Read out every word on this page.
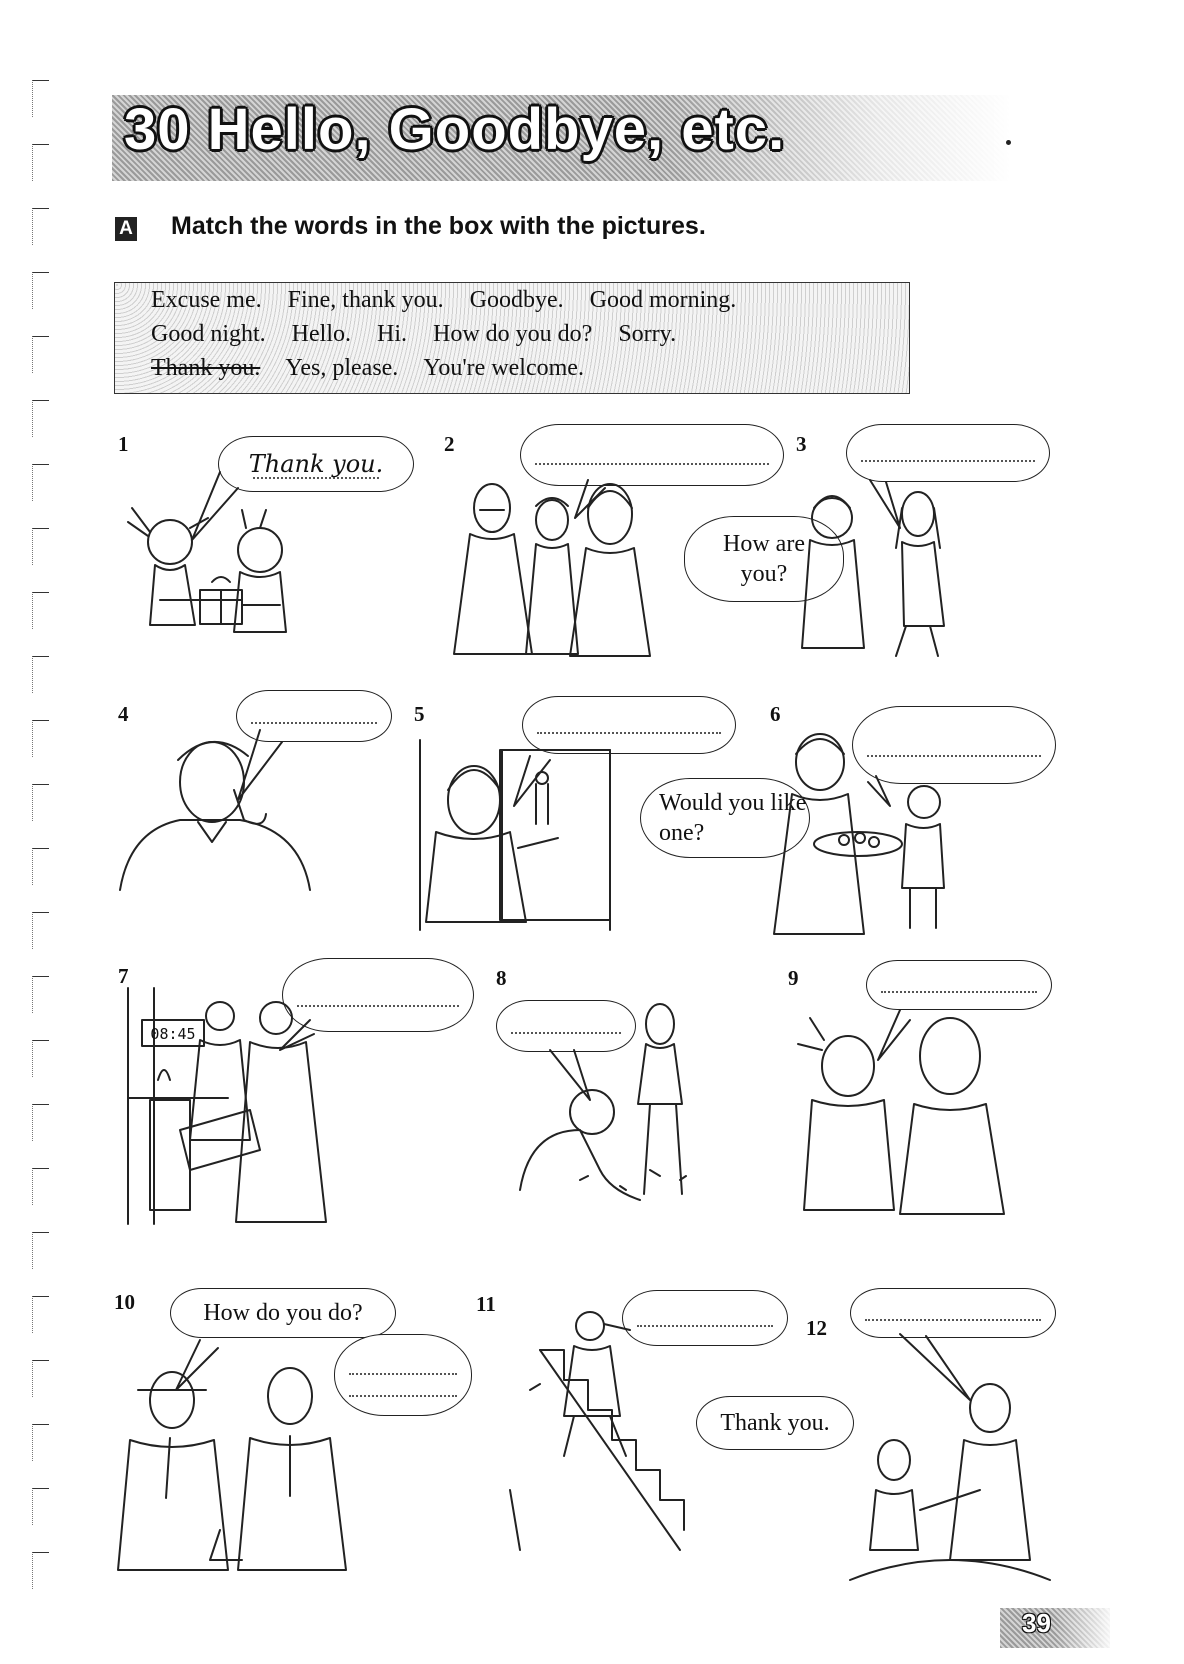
30 Hello, Goodbye, etc.
A Match the words in the box with the pictures.
Excuse me. Fine, thank you. Goodbye. Good morning.
Good night. Hello. Hi. How do you do? Sorry.
Thank you. Yes, please. You're welcome.
1
Thank you.
2	3
How are you?
4	5	6
Would you like one?
7
08:45
8	9
10	How do you do?	11
12
Thank you.
39
